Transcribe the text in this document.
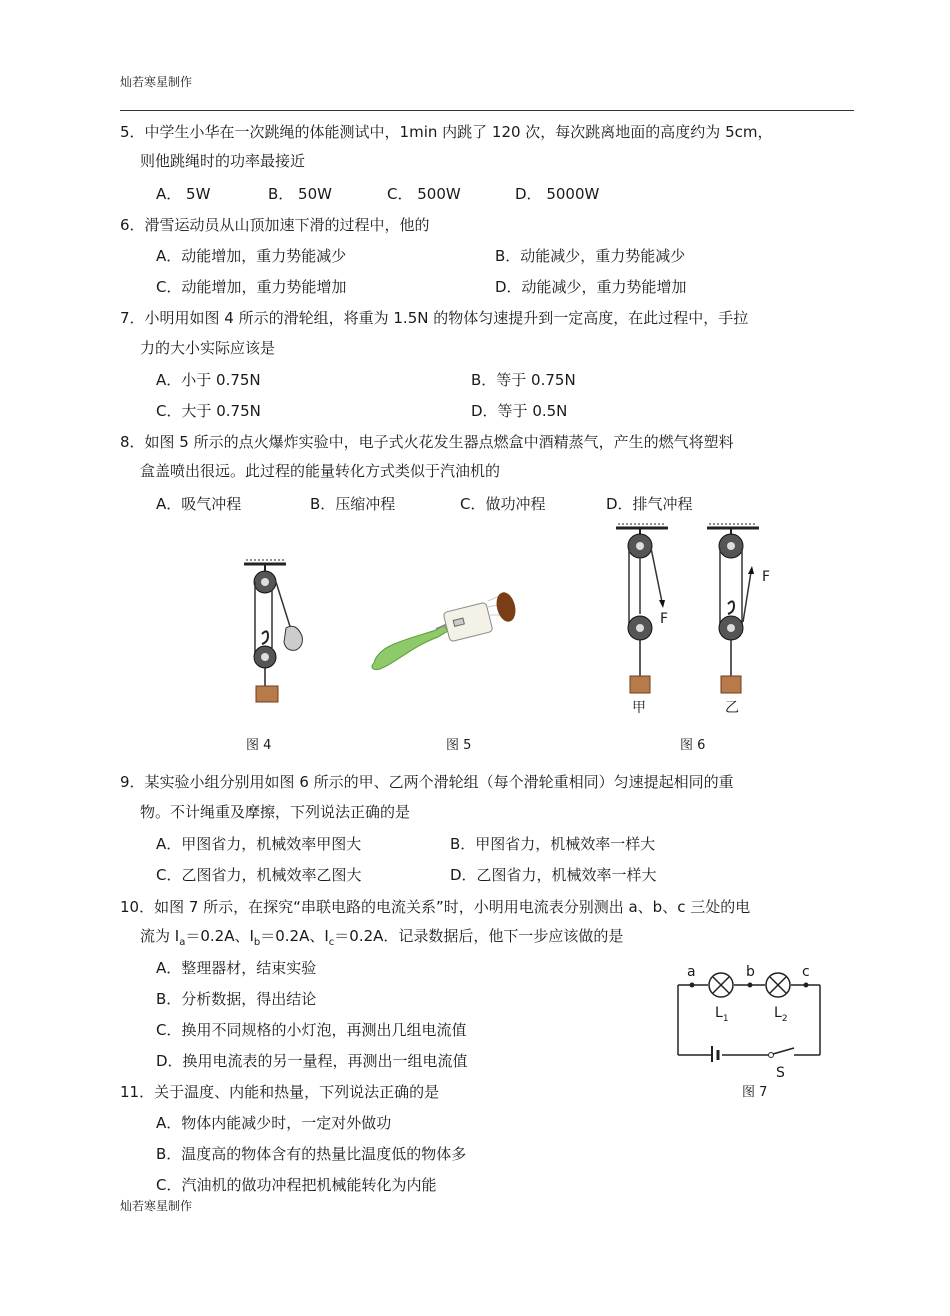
灿若寒星制作
5．中学生小华在一次跳绳的体能测试中，1min 内跳了 120 次，每次跳离地面的高度约为 5cm，
则他跳绳时的功率最接近
A． 5W	B． 50W	C． 500W	D． 5000W
6．滑雪运动员从山顶加速下滑的过程中，他的
A．动能增加，重力势能减少	B．动能减少，重力势能减少
C．动能增加，重力势能增加	D．动能减少，重力势能增加
7．小明用如图 4 所示的滑轮组，将重为 1.5N 的物体匀速提升到一定高度，在此过程中，手拉
力的大小实际应该是
A．小于 0.75N	B．等于 0.75N
C．大于 0.75N	D．等于 0.5N
8．如图 5 所示的点火爆炸实验中，电子式火花发生器点燃盒中酒精蒸气，产生的燃气将塑料
盒盖喷出很远。此过程的能量转化方式类似于汽油机的
A．吸气冲程	B．压缩冲程	C．做功冲程	D．排气冲程
图 4	图 5
F
F
甲	乙
图 6
9．某实验小组分别用如图 6 所示的甲、乙两个滑轮组（每个滑轮重相同）匀速提起相同的重
物。不计绳重及摩擦，下列说法正确的是
A．甲图省力，机械效率甲图大	B．甲图省力，机械效率一样大
C．乙图省力，机械效率乙图大	D．乙图省力，机械效率一样大
10．如图 7 所示，在探究“串联电路的电流关系”时，小明用电流表分别测出 a、b、c 三处的电
流为 $I_a=0.2A$、$I_b=0.2A$、$I_c=0.2A$．记录数据后，他下一步应该做的是
A．整理器材，结束实验
B．分析数据，得出结论
C．换用不同规格的小灯泡，再测出几组电流值
D．换用电流表的另一量程，再测出一组电流值
a	b	c
$L_1$	$L_2$
S
图 7
11．关于温度、内能和热量，下列说法正确的是
A．物体内能减少时，一定对外做功
B．温度高的物体含有的热量比温度低的物体多
C．汽油机的做功冲程把机械能转化为内能
灿若寒星制作
